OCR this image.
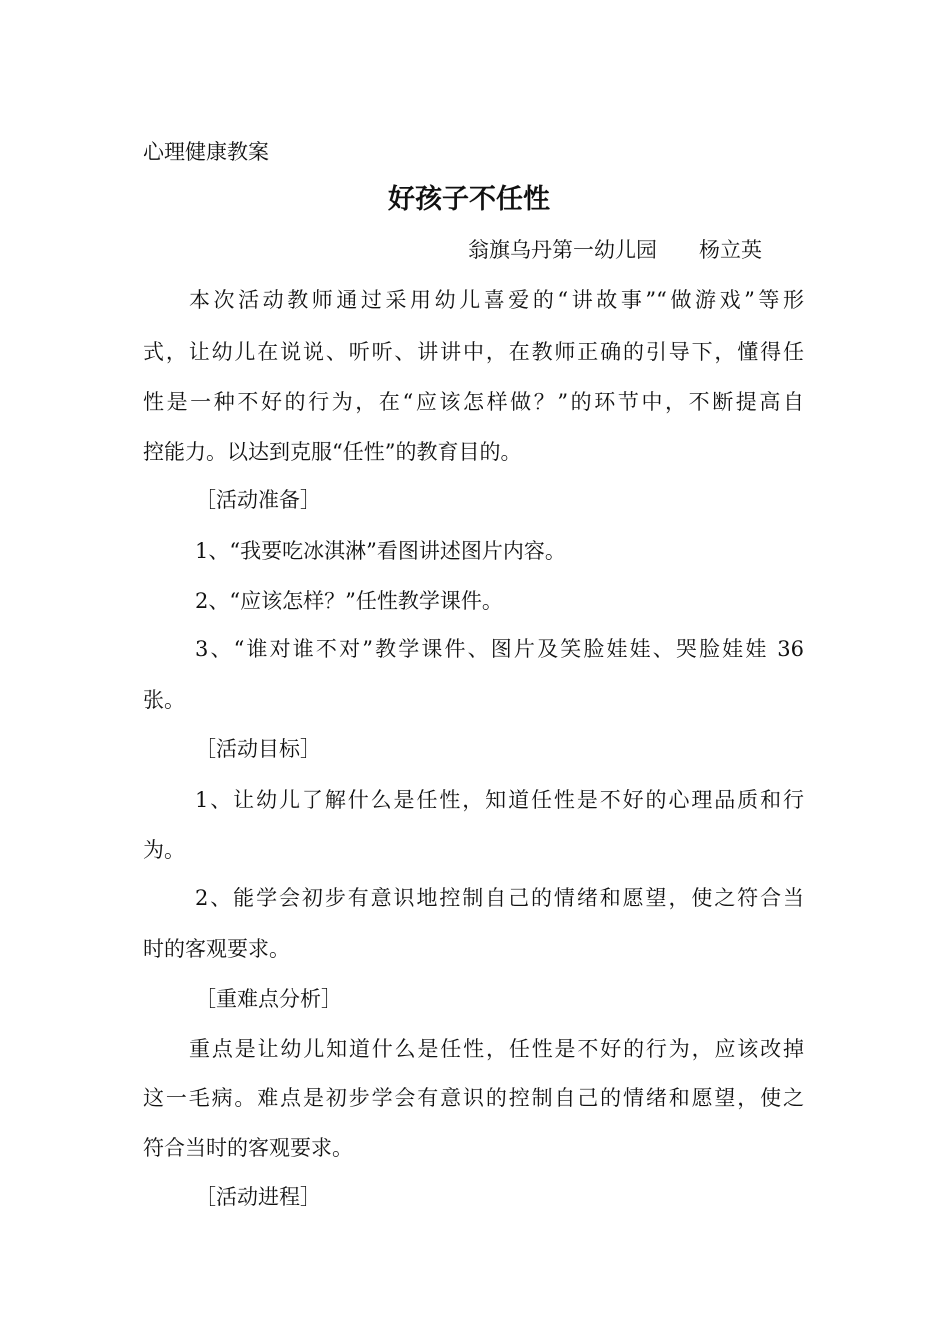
心理健康教案
好孩子不任性
翁旗乌丹第一幼儿园　　杨立英
本次活动教师通过采用幼儿喜爱的“讲故事”“做游戏”等形
式，让幼儿在说说、听听、讲讲中，在教师正确的引导下，懂得任
性是一种不好的行为，在“应该怎样做？”的环节中，不断提高自
控能力。以达到克服“任性”的教育目的。
［活动准备］
1、“我要吃冰淇淋”看图讲述图片内容。
2、“应该怎样？”任性教学课件。
3、“谁对谁不对”教学课件、图片及笑脸娃娃、哭脸娃娃 36
张。
［活动目标］
1、让幼儿了解什么是任性，知道任性是不好的心理品质和行
为。
2、能学会初步有意识地控制自己的情绪和愿望，使之符合当
时的客观要求。
［重难点分析］
重点是让幼儿知道什么是任性，任性是不好的行为，应该改掉
这一毛病。难点是初步学会有意识的控制自己的情绪和愿望，使之
符合当时的客观要求。
［活动进程］
